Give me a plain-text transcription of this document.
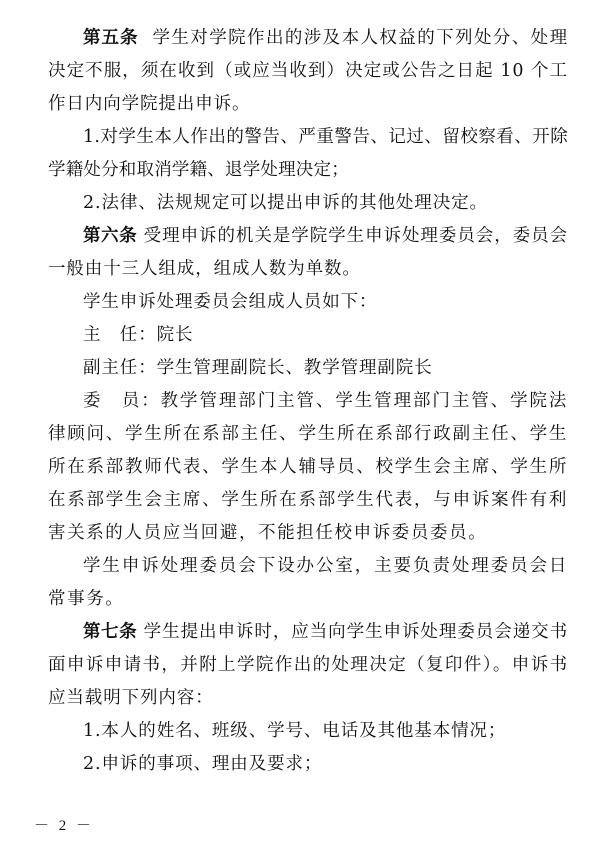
第五条 学生对学院作出的涉及本人权益的下列处分、处理决定不服，须在收到（或应当收到）决定或公告之日起 10 个工作日内向学院提出申诉。

1.对学生本人作出的警告、严重警告、记过、留校察看、开除学籍处分和取消学籍、退学处理决定；

2.法律、法规规定可以提出申诉的其他处理决定。

第六条 受理申诉的机关是学院学生申诉处理委员会，委员会一般由十三人组成，组成人数为单数。

学生申诉处理委员会组成人员如下：

主　任：院长

副主任：学生管理副院长、教学管理副院长

委　员：教学管理部门主管、学生管理部门主管、学院法律顾问、学生所在系部主任、学生所在系部行政副主任、学生所在系部教师代表、学生本人辅导员、校学生会主席、学生所在系部学生会主席、学生所在系部学生代表，与申诉案件有利害关系的人员应当回避，不能担任校申诉委员委员。

学生申诉处理委员会下设办公室，主要负责处理委员会日常事务。

第七条 学生提出申诉时，应当向学生申诉处理委员会递交书面申诉申请书，并附上学院作出的处理决定（复印件）。申诉书应当载明下列内容：

1.本人的姓名、班级、学号、电话及其他基本情况；

2.申诉的事项、理由及要求；

－ 2 －
